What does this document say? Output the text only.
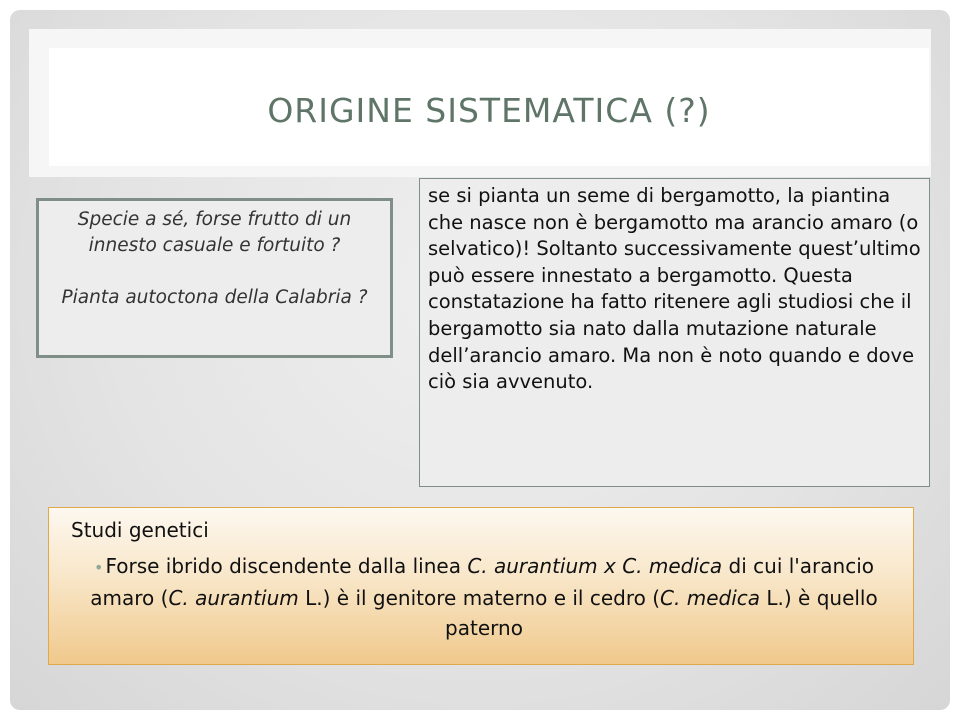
ORIGINE SISTEMATICA (?)

Specie a sé, forse frutto di un innesto casuale e fortuito ?

Pianta autoctona della Calabria ?

se si pianta un seme di bergamotto, la piantina che nasce non è bergamotto ma arancio amaro (o selvatico)! Soltanto successivamente quest’ultimo può essere innestato a bergamotto. Questa constatazione ha fatto ritenere agli studiosi che il bergamotto sia nato dalla mutazione naturale dell’arancio amaro. Ma non è noto quando e dove ciò sia avvenuto.
Studi genetici
• Forse ibrido discendente dalla linea C. aurantium x C. medica di cui l'arancio amaro (C. aurantium L.) è il genitore materno e il cedro (C. medica L.) è quello paterno
